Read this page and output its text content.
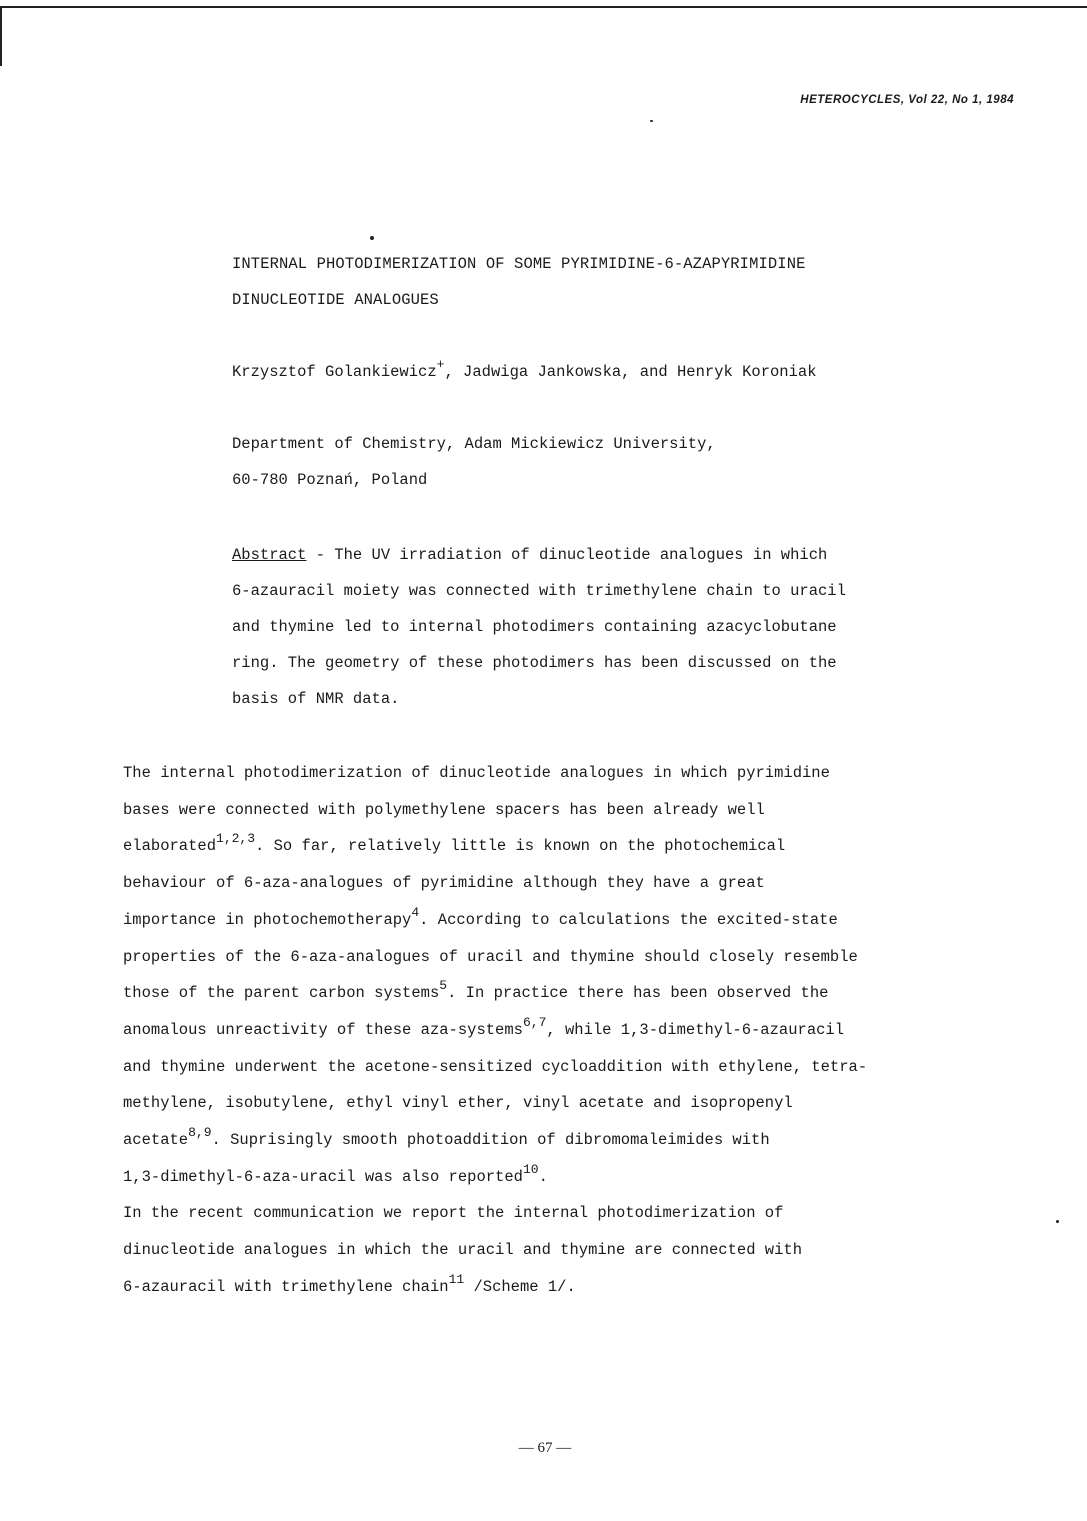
HETEROCYCLES, Vol 22, No 1, 1984
INTERNAL PHOTODIMERIZATION OF SOME PYRIMIDINE-6-AZAPYRIMIDINE
DINUCLEOTIDE ANALOGUES
Krzysztof Golankiewicz+, Jadwiga Jankowska, and Henryk Koroniak
Department of Chemistry, Adam Mickiewicz University,
60-780 Poznań, Poland
Abstract - The UV irradiation of dinucleotide analogues in which
6-azauracil moiety was connected with trimethylene chain to uracil
and thymine led to internal photodimers containing azacyclobutane
ring. The geometry of these photodimers has been discussed on the
basis of NMR data.
The internal photodimerization of dinucleotide analogues in which pyrimidine
bases were connected with polymethylene spacers has been already well
elaborated$^{1,2,3}$. So far, relatively little is known on the photochemical
behaviour of 6-aza-analogues of pyrimidine although they have a great
importance in photochemotherapy$^4$. According to calculations the excited-state
properties of the 6-aza-analogues of uracil and thymine should closely resemble
those of the parent carbon systems$^5$. In practice there has been observed the
anomalous unreactivity of these aza-systems$^{6,7}$, while 1,3-dimethyl-6-azauracil
and thymine underwent the acetone-sensitized cycloaddition with ethylene, tetra-
methylene, isobutylene, ethyl vinyl ether, vinyl acetate and isopropenyl
acetate$^{8,9}$. Suprisingly smooth photoaddition of dibromomaleimides with
1,3-dimethyl-6-aza-uracil was also reported$^{10}$.
In the recent communication we report the internal photodimerization of
dinucleotide analogues in which the uracil and thymine are connected with
6-azauracil with trimethylene chain$^{11}$ /Scheme 1/.
— 67 —
